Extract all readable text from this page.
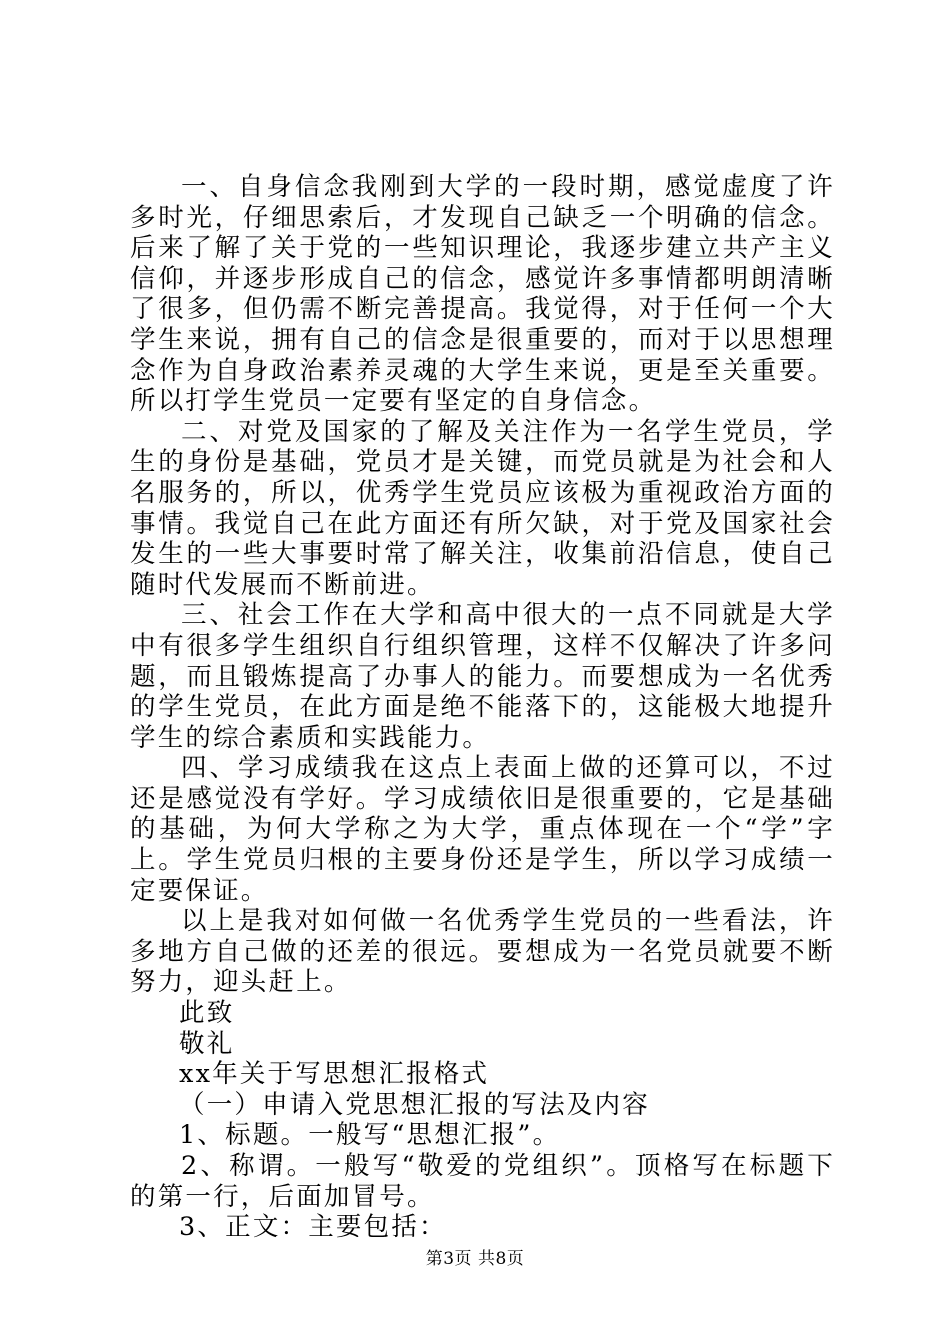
一、自身信念我刚到大学的一段时期，感觉虚度了许多时光，仔细思索后，才发现自己缺乏一个明确的信念。后来了解了关于党的一些知识理论，我逐步建立共产主义信仰，并逐步形成自己的信念，感觉许多事情都明朗清晰了很多，但仍需不断完善提高。我觉得，对于任何一个大学生来说，拥有自己的信念是很重要的，而对于以思想理念作为自身政治素养灵魂的大学生来说，更是至关重要。所以打学生党员一定要有坚定的自身信念。

二、对党及国家的了解及关注作为一名学生党员，学生的身份是基础，党员才是关键，而党员就是为社会和人名服务的，所以，优秀学生党员应该极为重视政治方面的事情。我觉自己在此方面还有所欠缺，对于党及国家社会发生的一些大事要时常了解关注，收集前沿信息，使自己随时代发展而不断前进。

三、社会工作在大学和高中很大的一点不同就是大学中有很多学生组织自行组织管理，这样不仅解决了许多问题，而且锻炼提高了办事人的能力。而要想成为一名优秀的学生党员，在此方面是绝不能落下的，这能极大地提升学生的综合素质和实践能力。

四、学习成绩我在这点上表面上做的还算可以，不过还是感觉没有学好。学习成绩依旧是很重要的，它是基础的基础，为何大学称之为大学，重点体现在一个“学”字上。学生党员归根的主要身份还是学生，所以学习成绩一定要保证。

以上是我对如何做一名优秀学生党员的一些看法，许多地方自己做的还差的很远。要想成为一名党员就要不断努力，迎头赶上。

此致

敬礼

xx年关于写思想汇报格式

（一）申请入党思想汇报的写法及内容

1、标题。一般写“思想汇报”。

2、称谓。一般写“敬爱的党组织”。顶格写在标题下的第一行，后面加冒号。

3、正文：主要包括：

第3页 共8页
